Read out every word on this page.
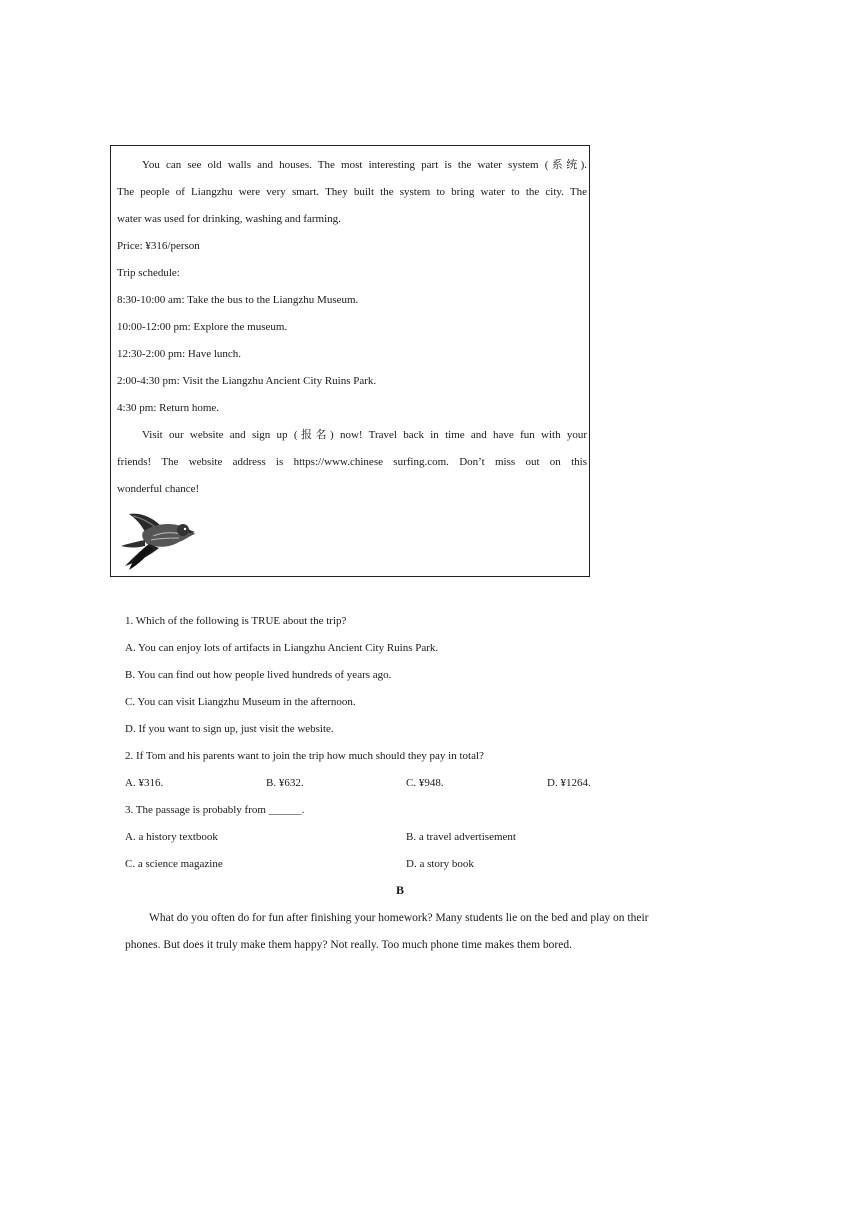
You can see old walls and houses. The most interesting part is the water system (系统).
The people of Liangzhu were very smart. They built the system to bring water to the city. The
water was used for drinking, washing and farming.
Price: ¥316/person
Trip schedule:
8:30-10:00 am: Take the bus to the Liangzhu Museum.
10:00-12:00 pm: Explore the museum.
12:30-2:00 pm: Have lunch.
2:00-4:30 pm: Visit the Liangzhu Ancient City Ruins Park.
4:30 pm: Return home.
Visit our website and sign up (报名) now! Travel back in time and have fun with your
friends! The website address is https://www.chinese surfing.com. Don’t miss out on this
wonderful chance!
1. Which of the following is TRUE about the trip?
A. You can enjoy lots of artifacts in Liangzhu Ancient City Ruins Park.
B. You can find out how people lived hundreds of years ago.
C. You can visit Liangzhu Museum in the afternoon.
D. If you want to sign up, just visit the website.
2. If Tom and his parents want to join the trip how much should they pay in total?
A. ¥316.	B. ¥632.	C. ¥948.	D. ¥1264.
3. The passage is probably from ______.
A. a history textbook	B. a travel advertisement
C. a science magazine	D. a story book
B
What do you often do for fun after finishing your homework? Many students lie on the bed and play on their
phones. But does it truly make them happy? Not really. Too much phone time makes them bored.
